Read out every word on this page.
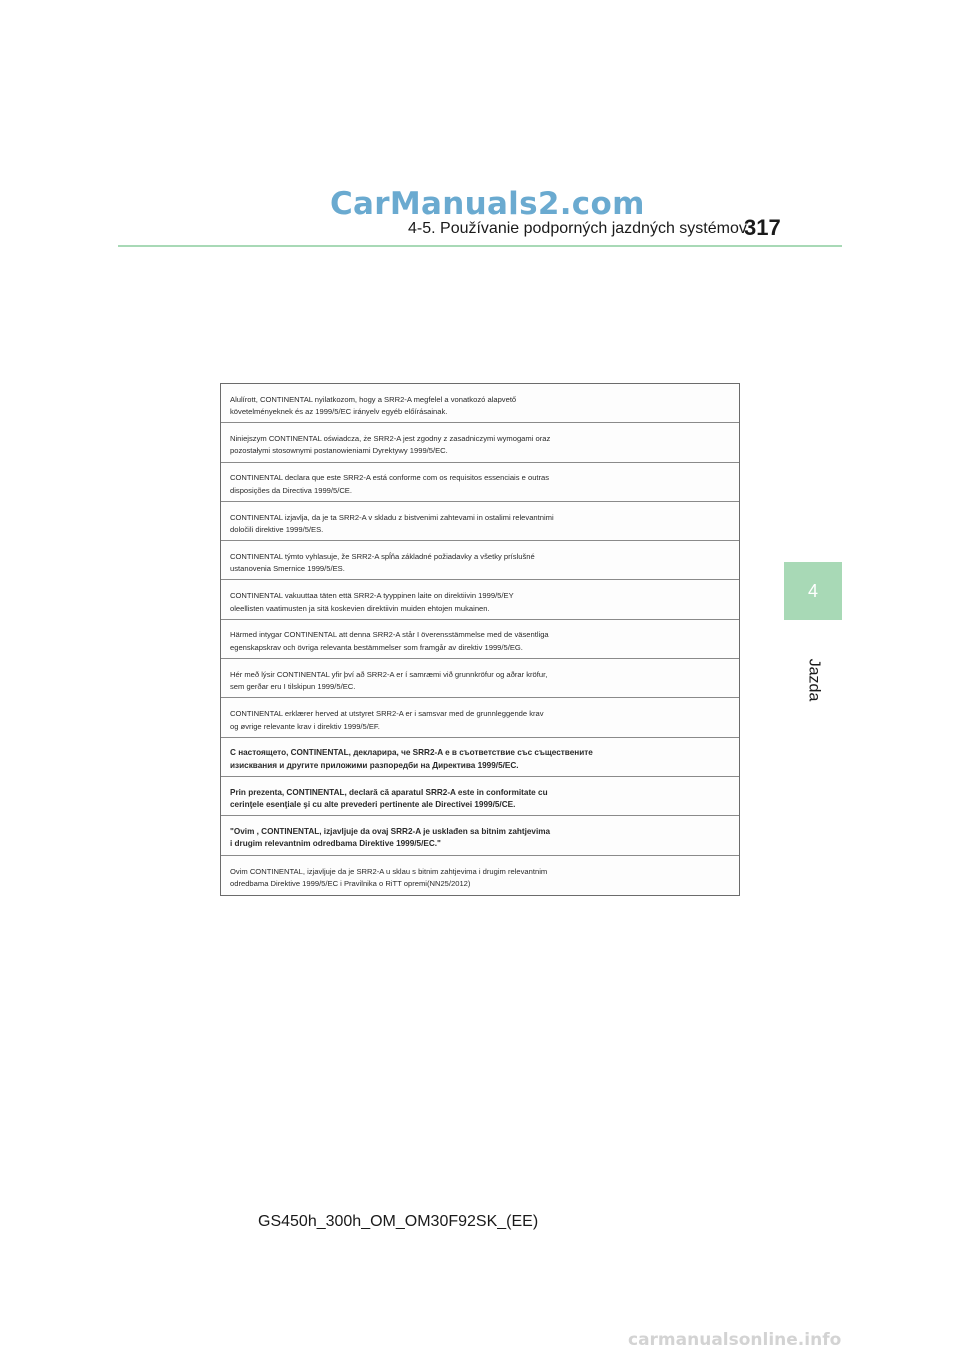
CarManuals2.com
4-5. Používanie podporných jazdných systémov
317
4
Jazda
Alulírott, CONTINENTAL nyilatkozom, hogy a SRR2-A megfelel a vonatkozó alapvető
követelményeknek és az 1999/5/EC irányelv egyéb előírásainak.
Niniejszym CONTINENTAL oświadcza, że SRR2-A jest zgodny z zasadniczymi wymogami oraz
pozostałymi stosownymi postanowieniami Dyrektywy 1999/5/EC.
CONTINENTAL declara que este SRR2-A está conforme com os requisitos essenciais e outras
disposições da Directiva 1999/5/CE.
CONTINENTAL izjavlja, da je ta SRR2-A v skladu z bistvenimi zahtevami in ostalimi relevantnimi
določili direktive 1999/5/ES.
CONTINENTAL týmto vyhlasuje, že SRR2-A spĺňa základné požiadavky a všetky príslušné
ustanovenia Smernice 1999/5/ES.
CONTINENTAL vakuuttaa täten että SRR2-A tyyppinen laite on direktiivin 1999/5/EY
oleellisten vaatimusten ja sitä koskevien direktiivin muiden ehtojen mukainen.
Härmed intygar CONTINENTAL att denna SRR2-A står I överensstämmelse med de väsentliga
egenskapskrav och övriga relevanta bestämmelser som framgår av direktiv 1999/5/EG.
Hér með lýsir CONTINENTAL yfir því að SRR2-A er í samræmi við grunnkröfur og aðrar kröfur,
sem gerðar eru I tilskipun 1999/5/EC.
CONTINENTAL erklærer herved at utstyret SRR2-A er i samsvar med de grunnleggende krav
og øvrige relevante krav i direktiv 1999/5/EF.
С настоящето, CONTINENTAL, декларира, че SRR2-A е в съответствие със съществените
изисквания и другите приложими разпоредби на Директива 1999/5/EC.
Prin prezenta, CONTINENTAL, declară că aparatul SRR2-A este in conformitate cu
cerinţele esenţiale şi cu alte prevederi pertinente ale Directivei 1999/5/CE.
"Ovim , CONTINENTAL, izjavljuje da ovaj SRR2-A je usklađen sa bitnim zahtjevima
i drugim relevantnim odredbama Direktive 1999/5/EC."
Ovim CONTINENTAL, izjavljuje da je SRR2-A u sklau s bitnim zahtjevima i drugim relevantnim
odredbama Direktive 1999/5/EC i Pravilnika o RiTT opremi(NN25/2012)
GS450h_300h_OM_OM30F92SK_(EE)
carmanualsonline.info
